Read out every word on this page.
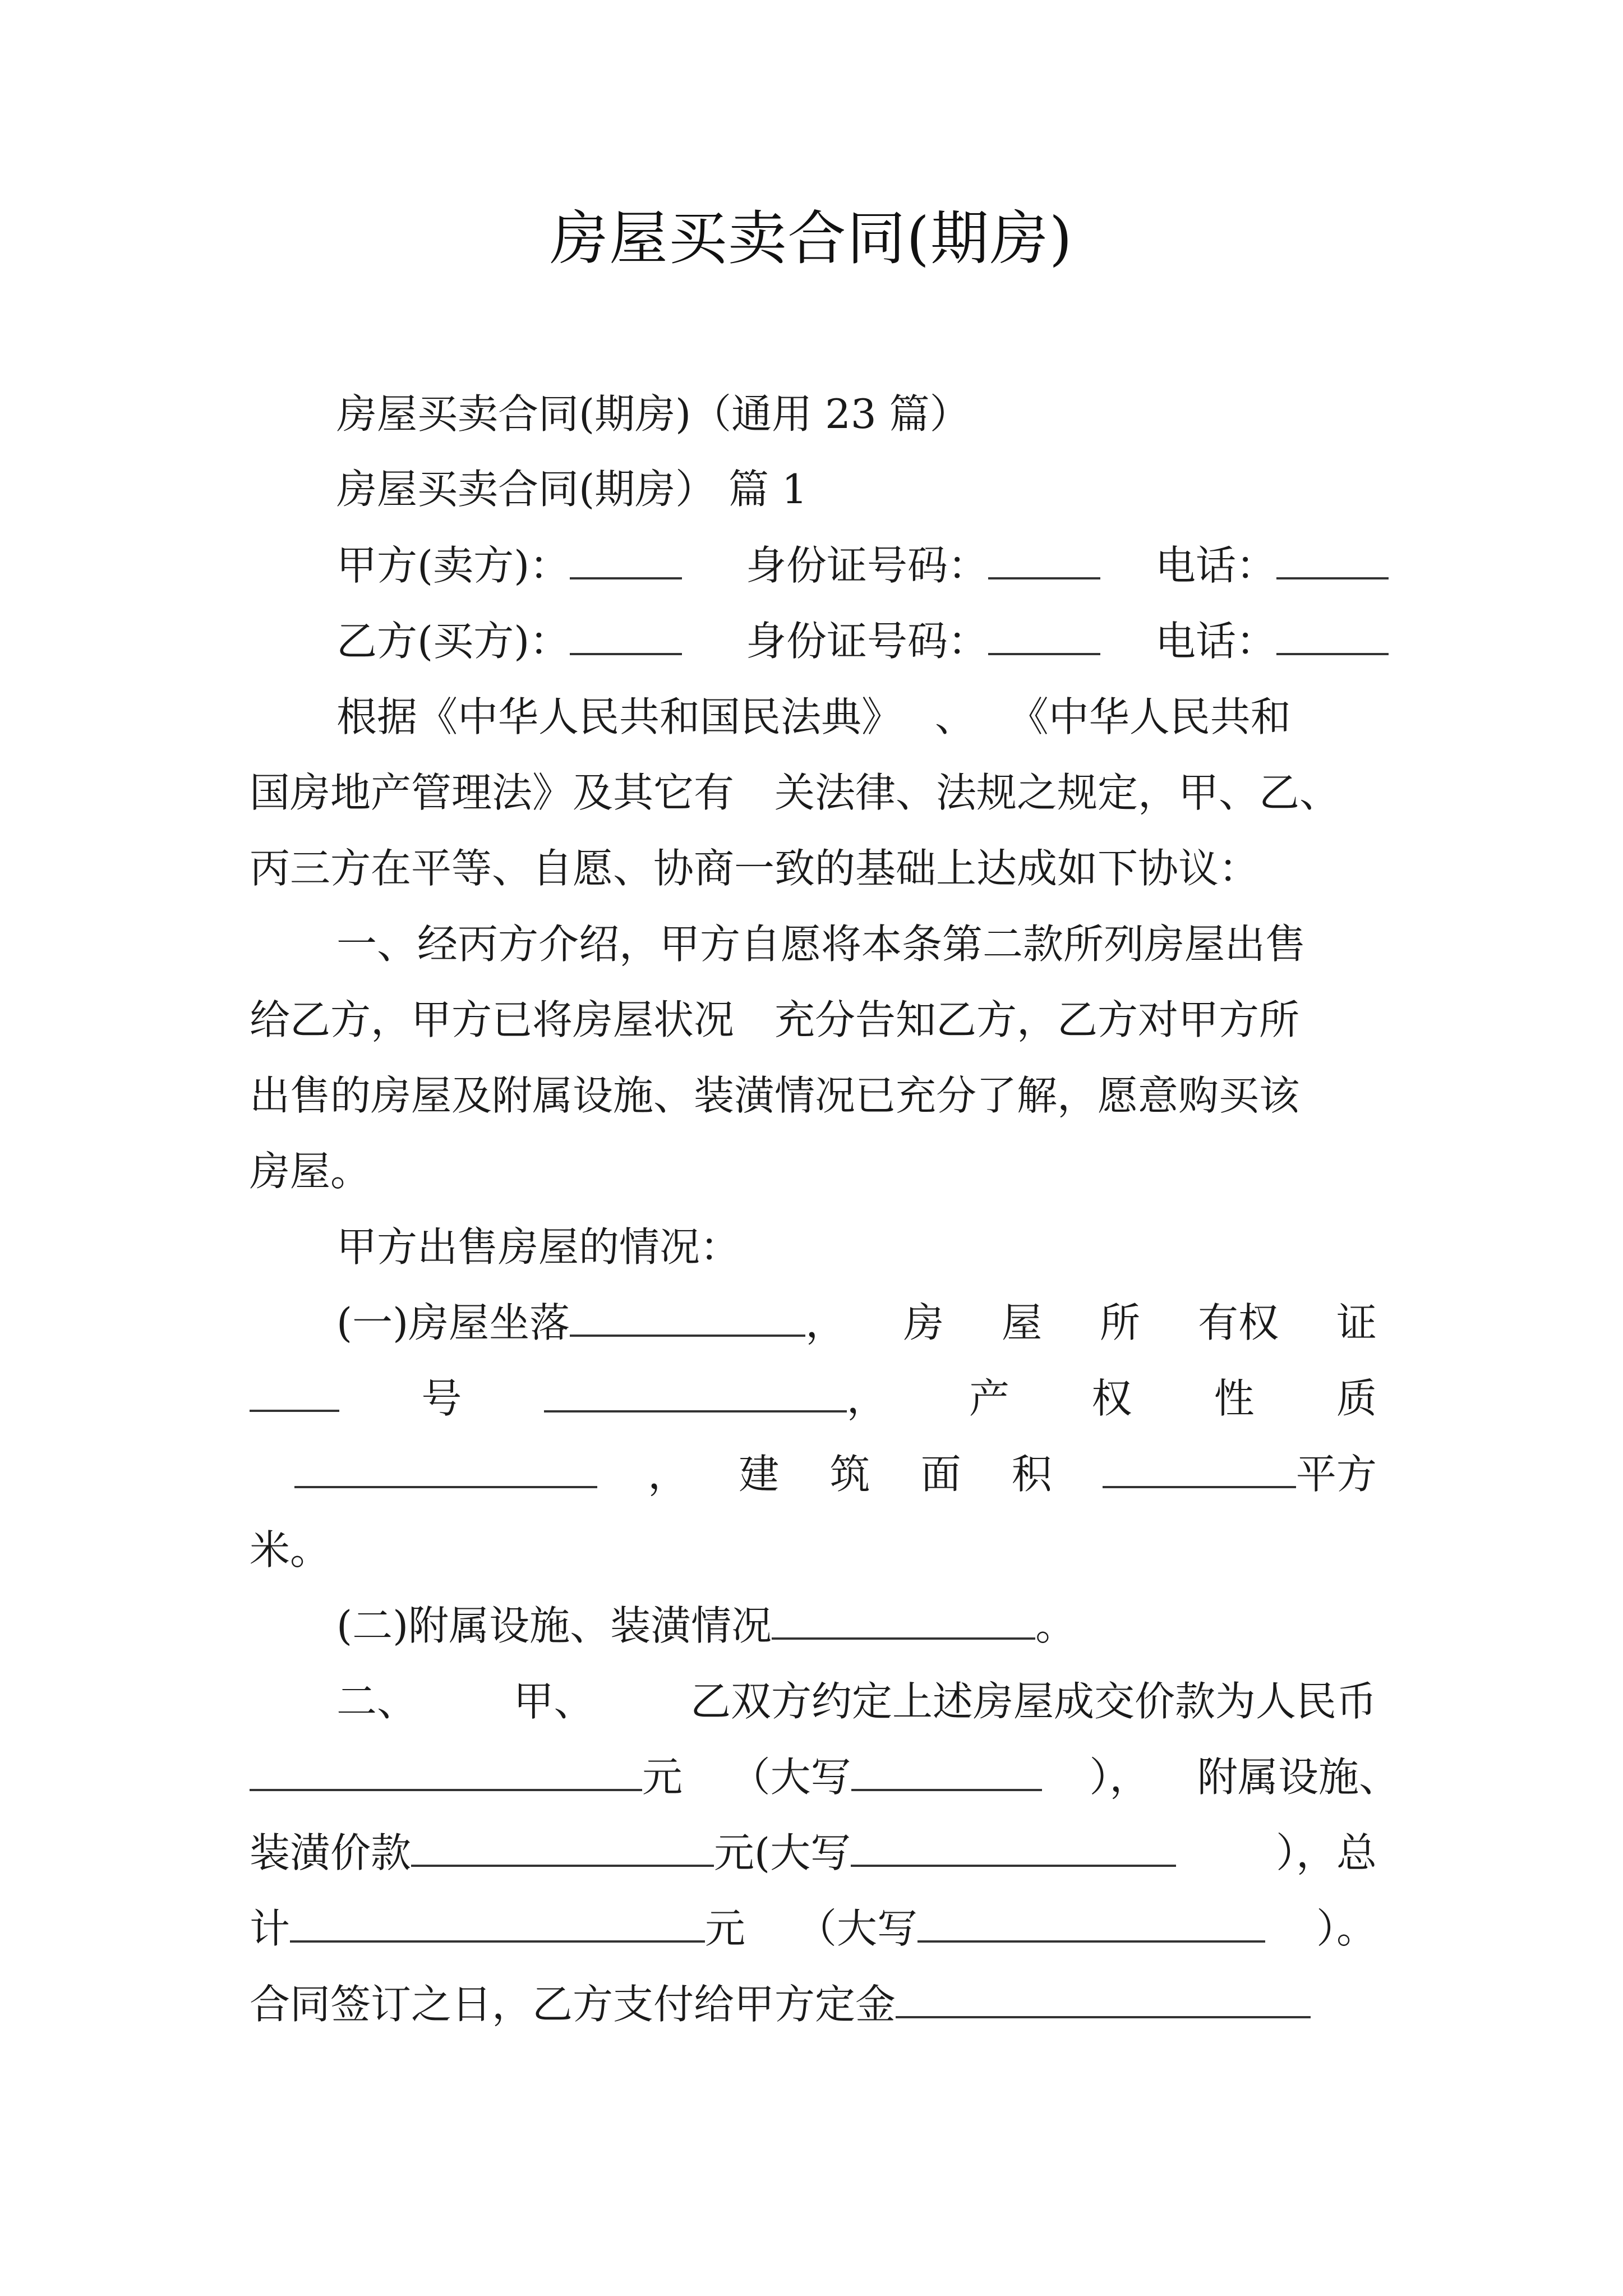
房屋买卖合同(期房)
房屋买卖合同(期房)（通用 23 篇）
房屋买卖合同(期房） 篇 1
甲方(卖方)：	身份证号码：	电话：
乙方(买方)：	身份证号码：	电话：
根据《中华人民共和国民法典》　 、 　《中华人民共和
国房地产管理法》及其它有　关法律、法规之规定，甲、乙、
丙三方在平等、自愿、协商一致的基础上达成如下协议：
一、经丙方介绍，甲方自愿将本条第二款所列房屋出售
给乙方，甲方已将房屋状况　充分告知乙方，乙方对甲方所
出售的房屋及附属设施、装潢情况已充分了解，愿意购买该
房屋。
甲方出售房屋的情况：
(一)房屋坐落	， 房 屋 所 有权 证
号	， 产 权 性 质
， 建 筑 面 积	平方
米。
(二)附属设施、装潢情况	。
二、 甲、 乙双方约定上述房屋成交价款为人民币
元 （大写	）， 附属设施、
装潢价款	元(大写	），总
计	元 （大写	）。
合同签订之日，乙方支付给甲方定金
